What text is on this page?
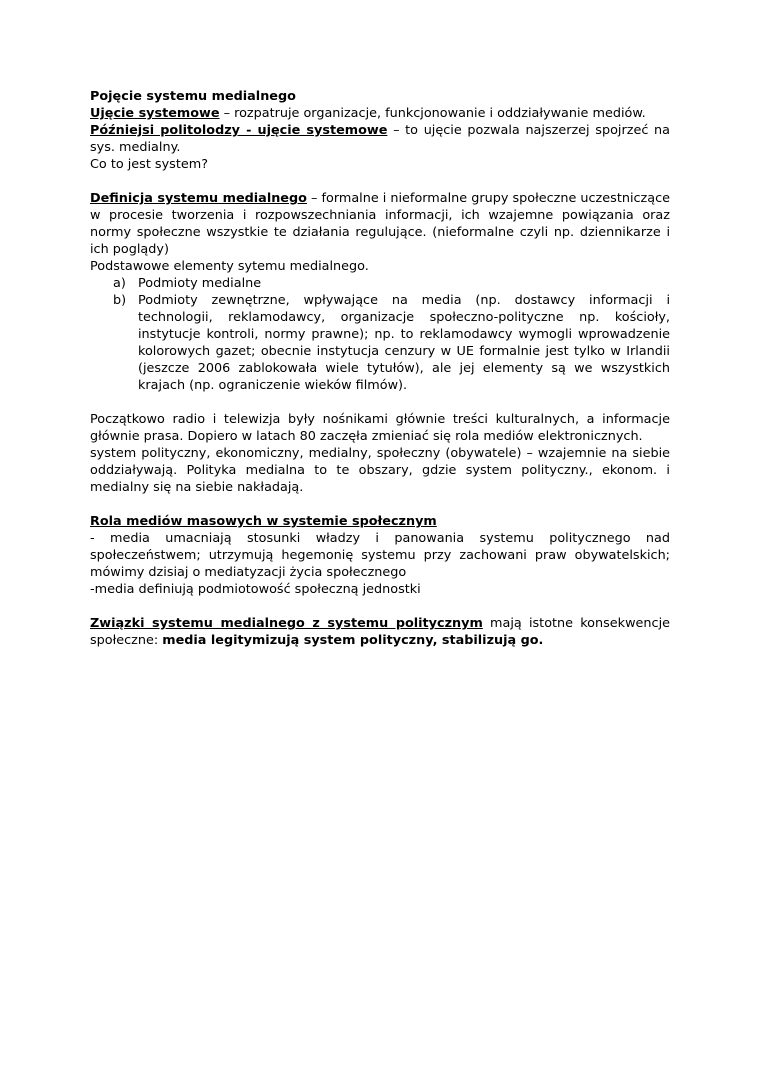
Pojęcie systemu medialnego

Ujęcie systemowe – rozpatruje organizacje, funkcjonowanie i oddziaływanie mediów.

Późniejsi politolodzy - ujęcie systemowe – to ujęcie pozwala najszerzej spojrzeć na sys. medialny.

Co to jest system?

Definicja systemu medialnego – formalne i nieformalne grupy społeczne uczestniczące w procesie tworzenia i rozpowszechniania informacji, ich wzajemne powiązania oraz normy społeczne wszystkie te działania regulujące. (nieformalne czyli np. dziennikarze i ich poglądy)

Podstawowe elementy sytemu medialnego.

a) Podmioty medialne
b) Podmioty zewnętrzne, wpływające na media (np. dostawcy informacji i technologii, reklamodawcy, organizacje społeczno-polityczne np. kościoły, instytucje kontroli, normy prawne); np. to reklamodawcy wymogli wprowadzenie kolorowych gazet; obecnie instytucja cenzury w UE formalnie jest tylko w Irlandii (jeszcze 2006 zablokowała wiele tytułów), ale jej elementy są we wszystkich krajach (np. ograniczenie wieków filmów).

Początkowo radio i telewizja były nośnikami głównie treści kulturalnych, a informacje głównie prasa. Dopiero w latach 80 zaczęła zmieniać się rola mediów elektronicznych.

system polityczny, ekonomiczny, medialny, społeczny (obywatele) – wzajemnie na siebie oddziaływają. Polityka medialna to te obszary, gdzie system polityczny., ekonom. i medialny się na siebie nakładają.

Rola mediów masowych w systemie społecznym

- media umacniają stosunki władzy i panowania systemu politycznego nad społeczeństwem; utrzymują hegemonię systemu przy zachowani praw obywatelskich; mówimy dzisiaj o mediatyzacji życia społecznego

-media definiują podmiotowość społeczną jednostki

Związki systemu medialnego z systemu politycznym mają istotne konsekwencje społeczne: media legitymizują system polityczny, stabilizują go.
